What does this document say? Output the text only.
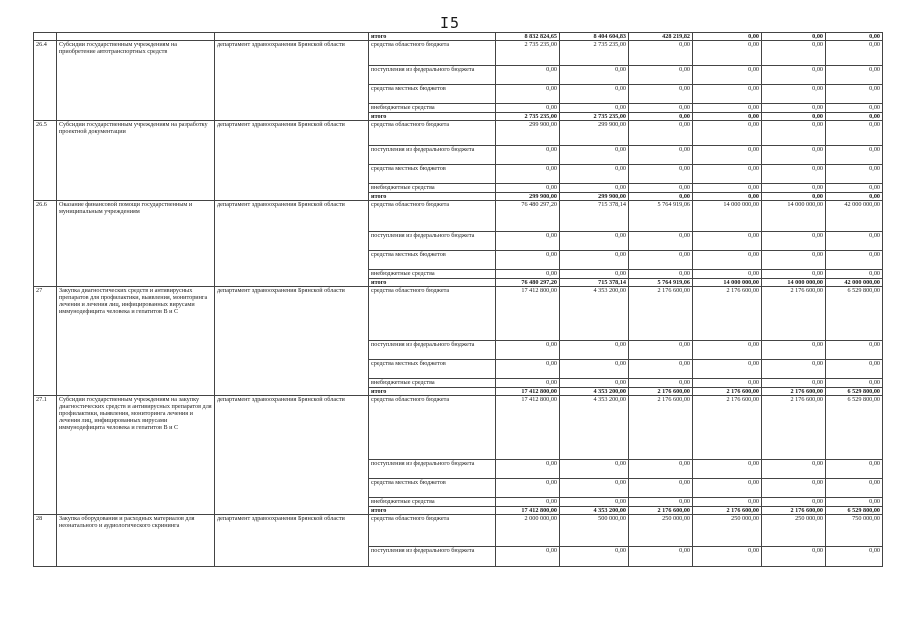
I5
			итого	8 832 824,65	8 404 604,83	428 219,82	0,00	0,00	0,00
26.4	Субсидии государственным учреждениям на приобретение автотранспортных средств	департамент здравоохранения Брянской области	средства областного бюджета	2 735 235,00	2 735 235,00	0,00	0,00	0,00	0,00
			поступления из федерального бюджета	0,00	0,00	0,00	0,00	0,00	0,00
			средства местных бюджетов	0,00	0,00	0,00	0,00	0,00	0,00
			внебюджетные средства	0,00	0,00	0,00	0,00	0,00	0,00
			итого	2 735 235,00	2 735 235,00	0,00	0,00	0,00	0,00
26.5	Субсидии государственным учреждениям на разработку проектной документации	департамент здравоохранения Брянской области	средства областного бюджета	299 900,00	299 900,00	0,00	0,00	0,00	0,00
			поступления из федерального бюджета	0,00	0,00	0,00	0,00	0,00	0,00
			средства местных бюджетов	0,00	0,00	0,00	0,00	0,00	0,00
			внебюджетные средства	0,00	0,00	0,00	0,00	0,00	0,00
			итого	299 900,00	299 900,00	0,00	0,00	0,00	0,00
26.6	Оказание финансовой помощи государственным и муниципальным учреждениям	департамент здравоохранения Брянской области	средства областного бюджета	76 480 297,20	715 378,14	5 764 919,06	14 000 000,00	14 000 000,00	42 000 000,00
			поступления из федерального бюджета	0,00	0,00	0,00	0,00	0,00	0,00
			средства местных бюджетов	0,00	0,00	0,00	0,00	0,00	0,00
			внебюджетные средства	0,00	0,00	0,00	0,00	0,00	0,00
			итого	76 480 297,20	715 378,14	5 764 919,06	14 000 000,00	14 000 000,00	42 000 000,00
27	Закупка диагностических средств и антивирусных препаратов для профилактики, выявления, мониторинга лечения и лечения лиц, инфицированных вирусами иммунодефицита человека и гепатитов B и C	департамент здравоохранения Брянской области	средства областного бюджета	17 412 800,00	4 353 200,00	2 176 600,00	2 176 600,00	2 176 600,00	6 529 800,00
			поступления из федерального бюджета	0,00	0,00	0,00	0,00	0,00	0,00
			средства местных бюджетов	0,00	0,00	0,00	0,00	0,00	0,00
			внебюджетные средства	0,00	0,00	0,00	0,00	0,00	0,00
			итого	17 412 800,00	4 353 200,00	2 176 600,00	2 176 600,00	2 176 600,00	6 529 800,00
27.1	Субсидии государственным учреждениям на закупку диагностических средств и антивирусных препаратов для профилактики, выявления, мониторинга лечения и лечения лиц, инфицированных вирусами иммунодефицита человека и гепатитов B и C	департамент здравоохранения Брянской области	средства областного бюджета	17 412 800,00	4 353 200,00	2 176 600,00	2 176 600,00	2 176 600,00	6 529 800,00
			поступления из федерального бюджета	0,00	0,00	0,00	0,00	0,00	0,00
			средства местных бюджетов	0,00	0,00	0,00	0,00	0,00	0,00
			внебюджетные средства	0,00	0,00	0,00	0,00	0,00	0,00
			итого	17 412 800,00	4 353 200,00	2 176 600,00	2 176 600,00	2 176 600,00	6 529 800,00
28	Закупка оборудования и расходных материалов для неонатального и аудиологического скрининга	департамент здравоохранения Брянской области	средства областного бюджета	2 000 000,00	500 000,00	250 000,00	250 000,00	250 000,00	750 000,00
			поступления из федерального бюджета	0,00	0,00	0,00	0,00	0,00	0,00
